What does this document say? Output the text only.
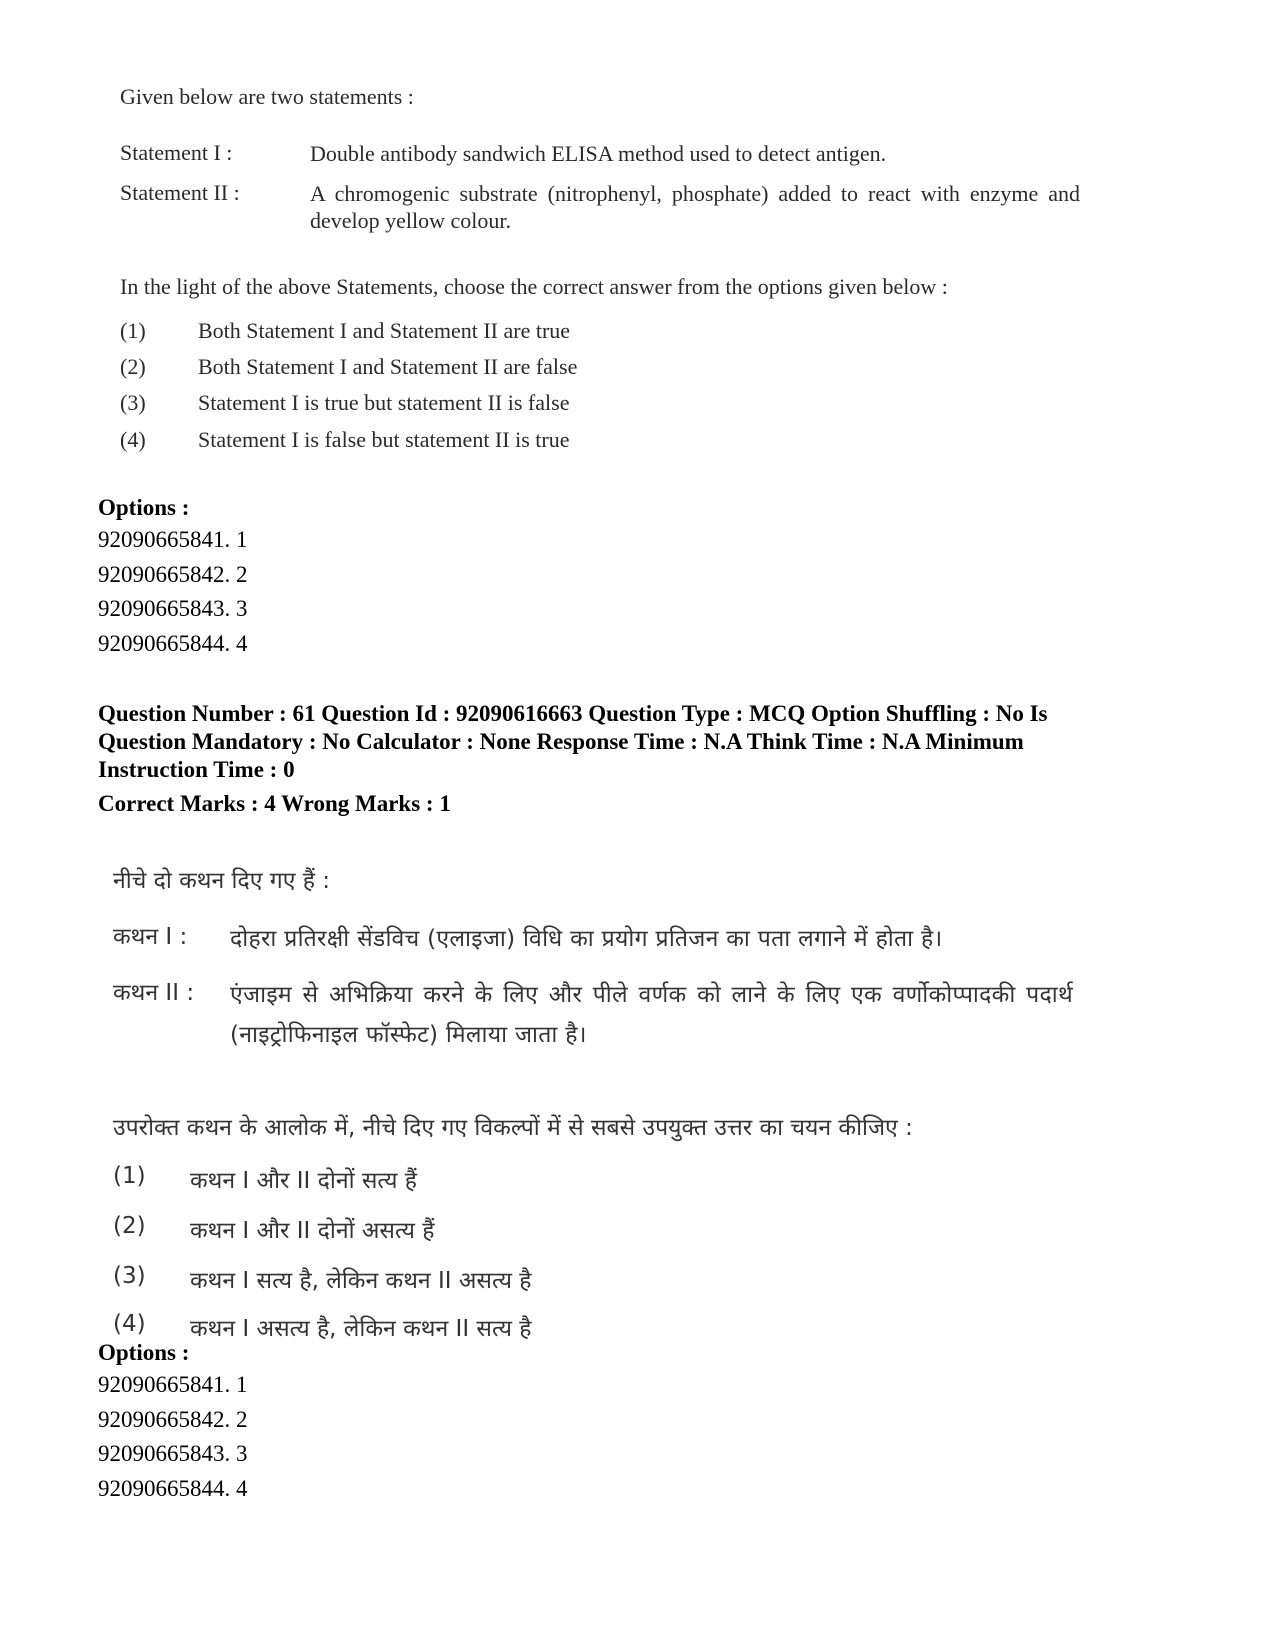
Given below are two statements :
Statement I :	Double antibody sandwich ELISA method used to detect antigen.
Statement II :	A chromogenic substrate (nitrophenyl, phosphate) added to react with enzyme and develop yellow colour.
In the light of the above Statements, choose the correct answer from the options given below :
(1)	Both Statement I and Statement II are true
(2)	Both Statement I and Statement II are false
(3)	Statement I is true but statement II is false
(4)	Statement I is false but statement II is true
Options :
92090665841. 1
92090665842. 2
92090665843. 3
92090665844. 4
Question Number : 61 Question Id : 92090616663 Question Type : MCQ Option Shuffling : No Is
Question Mandatory : No Calculator : None Response Time : N.A Think Time : N.A Minimum
Instruction Time : 0
Correct Marks : 4 Wrong Marks : 1
नीचे दो कथन दिए गए हैं :
कथन I :	दोहरा प्रतिरक्षी सेंडविच (एलाइजा) विधि का प्रयोग प्रतिजन का पता लगाने में होता है।
कथन II :	एंजाइम से अभिक्रिया करने के लिए और पीले वर्णक को लाने के लिए एक वर्णोकोप्पादकी पदार्थ (नाइट्रोफिनाइल फॉस्फेट) मिलाया जाता है।
उपरोक्त कथन के आलोक में, नीचे दिए गए विकल्पों में से सबसे उपयुक्त उत्तर का चयन कीजिए :
(1)	कथन I और II दोनों सत्य हैं
(2)	कथन I और II दोनों असत्य हैं
(3)	कथन I सत्य है, लेकिन कथन II असत्य है
(4)	कथन I असत्य है, लेकिन कथन II सत्य है
Options :
92090665841. 1
92090665842. 2
92090665843. 3
92090665844. 4
